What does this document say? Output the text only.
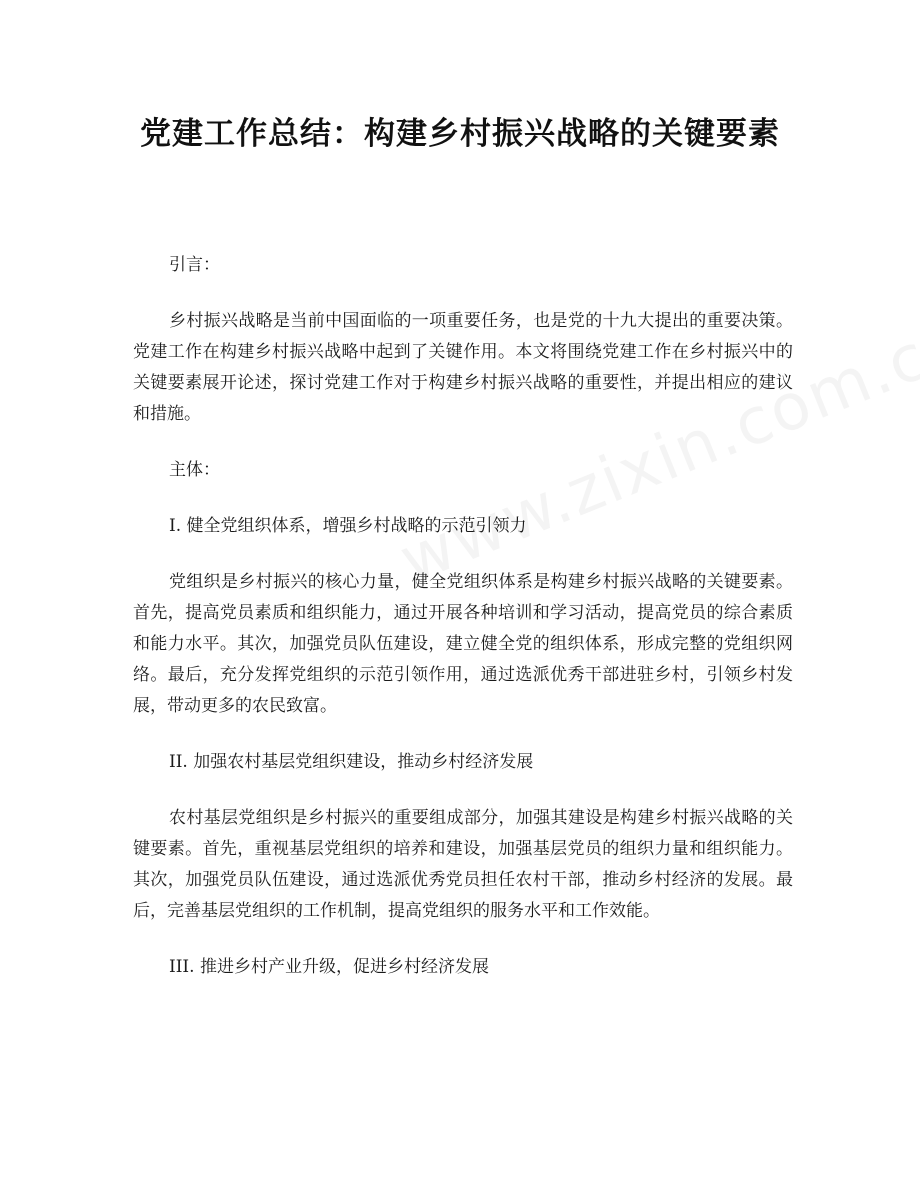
党建工作总结：构建乡村振兴战略的关键要素

引言：

乡村振兴战略是当前中国面临的一项重要任务，也是党的十九大提出的重要决策。党建工作在构建乡村振兴战略中起到了关键作用。本文将围绕党建工作在乡村振兴中的关键要素展开论述，探讨党建工作对于构建乡村振兴战略的重要性，并提出相应的建议和措施。

主体：

I. 健全党组织体系，增强乡村战略的示范引领力

党组织是乡村振兴的核心力量，健全党组织体系是构建乡村振兴战略的关键要素。首先，提高党员素质和组织能力，通过开展各种培训和学习活动，提高党员的综合素质和能力水平。其次，加强党员队伍建设，建立健全党的组织体系，形成完整的党组织网络。最后，充分发挥党组织的示范引领作用，通过选派优秀干部进驻乡村，引领乡村发展，带动更多的农民致富。

II. 加强农村基层党组织建设，推动乡村经济发展

农村基层党组织是乡村振兴的重要组成部分，加强其建设是构建乡村振兴战略的关键要素。首先，重视基层党组织的培养和建设，加强基层党员的组织力量和组织能力。其次，加强党员队伍建设，通过选派优秀党员担任农村干部，推动乡村经济的发展。最后，完善基层党组织的工作机制，提高党组织的服务水平和工作效能。

III. 推进乡村产业升级，促进乡村经济发展
